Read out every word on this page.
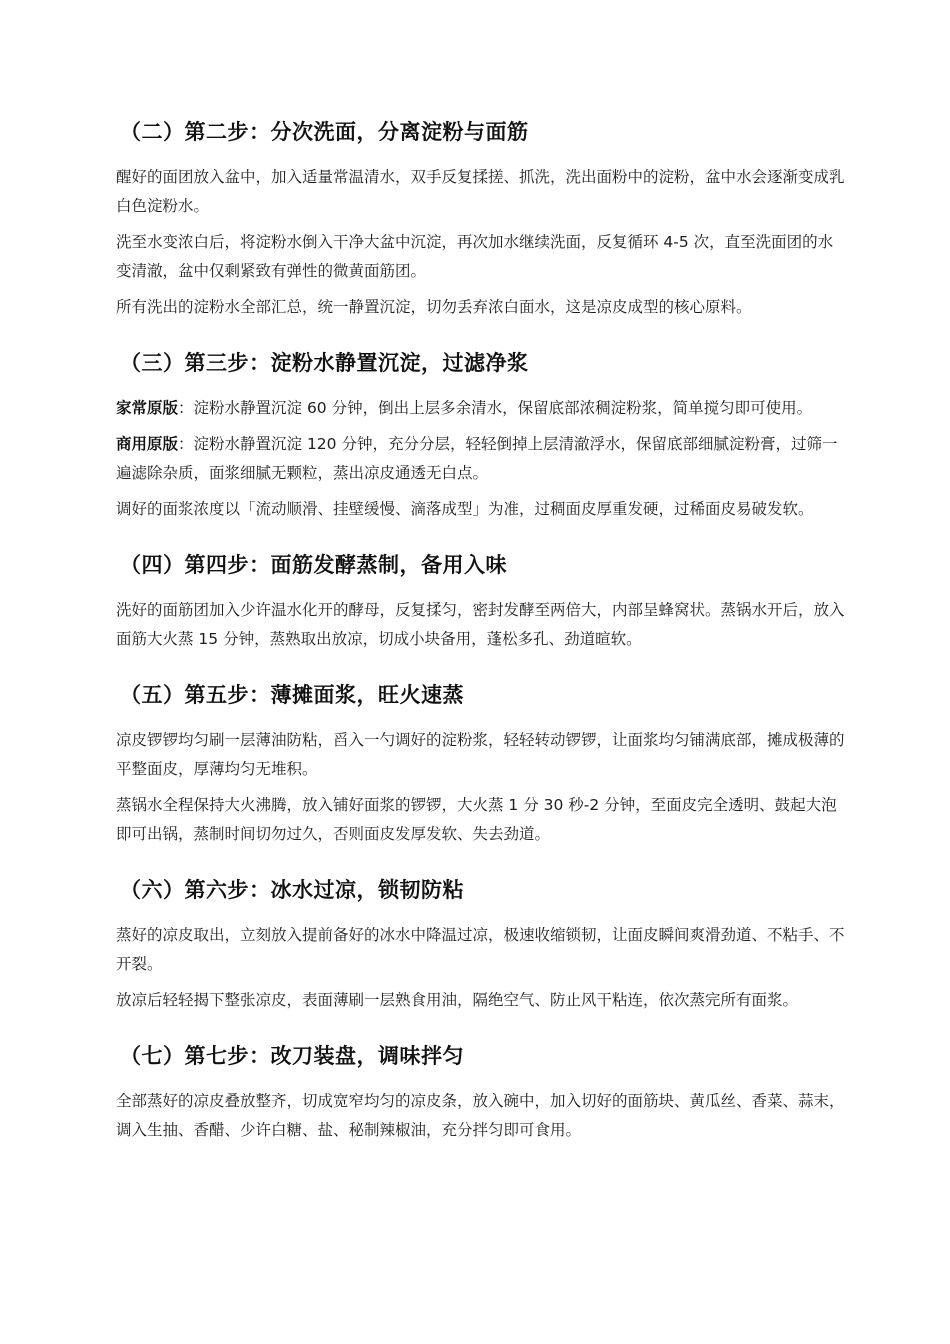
（二）第二步：分次洗面，分离淀粉与面筋

醒好的面团放入盆中，加入适量常温清水，双手反复揉搓、抓洗，洗出面粉中的淀粉，盆中水会逐渐变成乳白色淀粉水。

洗至水变浓白后，将淀粉水倒入干净大盆中沉淀，再次加水继续洗面，反复循环 4-5 次，直至洗面团的水变清澈，盆中仅剩紧致有弹性的微黄面筋团。

所有洗出的淀粉水全部汇总，统一静置沉淀，切勿丢弃浓白面水，这是凉皮成型的核心原料。

（三）第三步：淀粉水静置沉淀，过滤净浆

家常原版：淀粉水静置沉淀 60 分钟，倒出上层多余清水，保留底部浓稠淀粉浆，简单搅匀即可使用。

商用原版：淀粉水静置沉淀 120 分钟，充分分层，轻轻倒掉上层清澈浮水，保留底部细腻淀粉膏，过筛一遍滤除杂质，面浆细腻无颗粒，蒸出凉皮通透无白点。

调好的面浆浓度以「流动顺滑、挂壁缓慢、滴落成型」为准，过稠面皮厚重发硬，过稀面皮易破发软。

（四）第四步：面筋发酵蒸制，备用入味

洗好的面筋团加入少许温水化开的酵母，反复揉匀，密封发酵至两倍大，内部呈蜂窝状。蒸锅水开后，放入面筋大火蒸 15 分钟，蒸熟取出放凉，切成小块备用，蓬松多孔、劲道暄软。

（五）第五步：薄摊面浆，旺火速蒸

凉皮锣锣均匀刷一层薄油防粘，舀入一勺调好的淀粉浆，轻轻转动锣锣，让面浆均匀铺满底部，摊成极薄的平整面皮，厚薄均匀无堆积。

蒸锅水全程保持大火沸腾，放入铺好面浆的锣锣，大火蒸 1 分 30 秒-2 分钟，至面皮完全透明、鼓起大泡即可出锅，蒸制时间切勿过久，否则面皮发厚发软、失去劲道。

（六）第六步：冰水过凉，锁韧防粘

蒸好的凉皮取出，立刻放入提前备好的冰水中降温过凉，极速收缩锁韧，让面皮瞬间爽滑劲道、不粘手、不开裂。

放凉后轻轻揭下整张凉皮，表面薄刷一层熟食用油，隔绝空气、防止风干粘连，依次蒸完所有面浆。

（七）第七步：改刀装盘，调味拌匀

全部蒸好的凉皮叠放整齐，切成宽窄均匀的凉皮条，放入碗中，加入切好的面筋块、黄瓜丝、香菜、蒜末，调入生抽、香醋、少许白糖、盐、秘制辣椒油，充分拌匀即可食用。
